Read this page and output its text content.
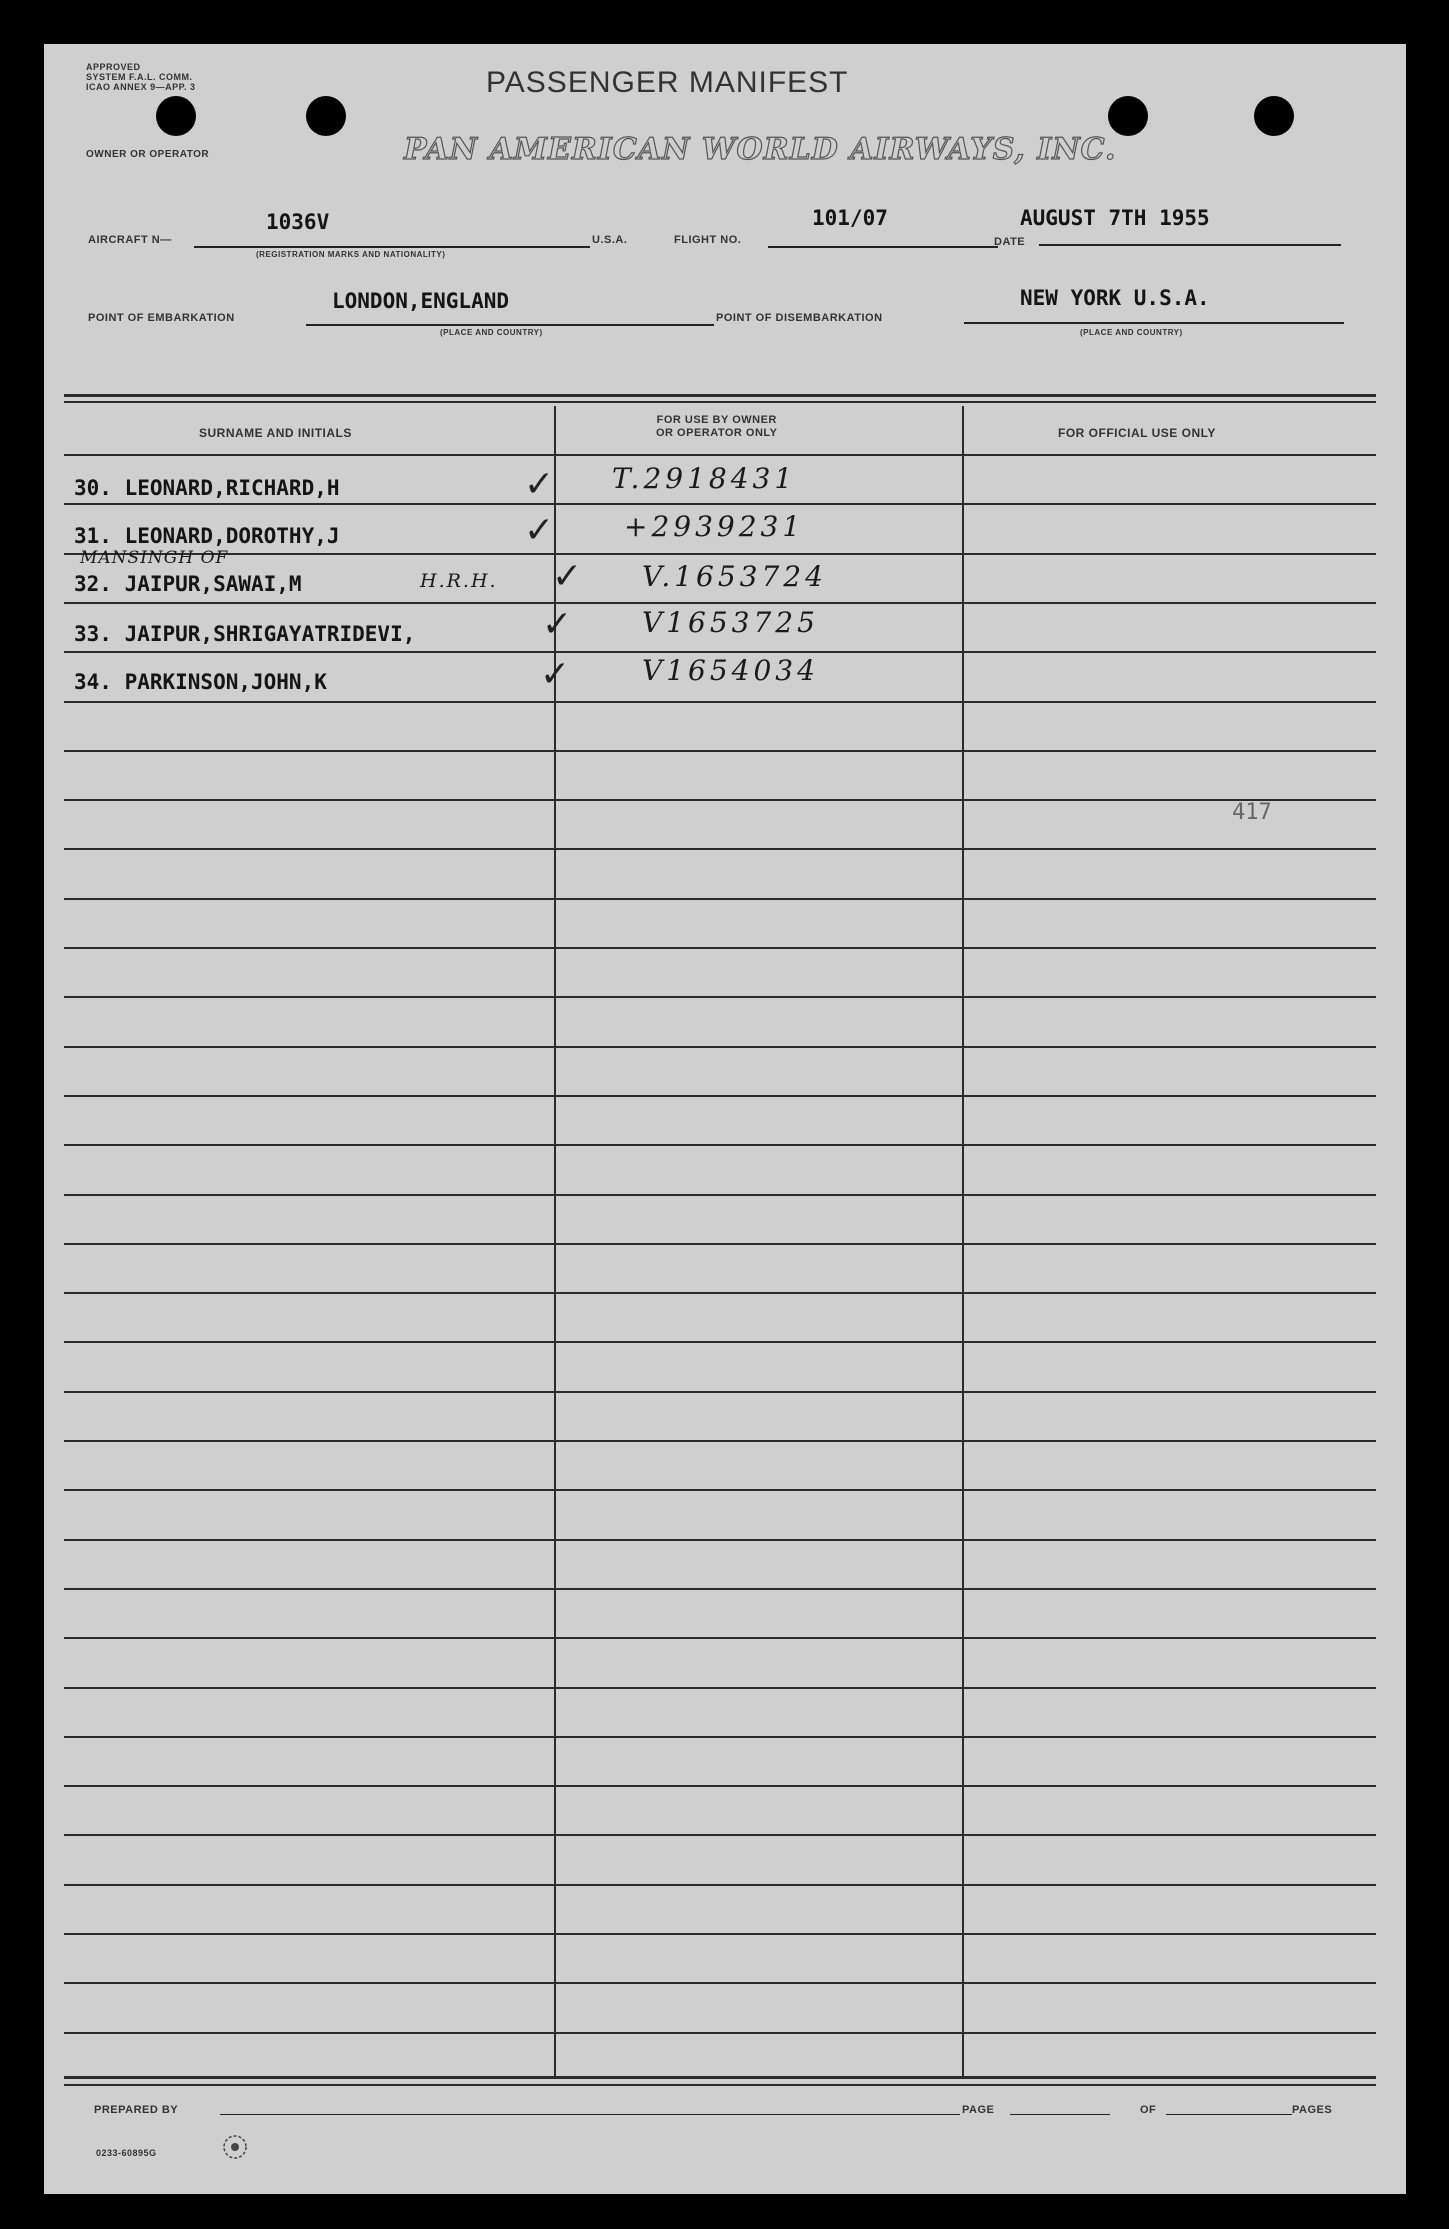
APPROVED
SYSTEM F.A.L. COMM.
ICAO ANNEX 9—APP. 3	PASSENGER MANIFEST
OWNER OR OPERATOR	PAN AMERICAN WORLD AIRWAYS, INC.
AIRCRAFT N—
1036V
(REGISTRATION MARKS AND NATIONALITY)
U.S.A.	FLIGHT NO.
101/07
DATE
AUGUST 7TH 1955
POINT OF EMBARKATION
LONDON,ENGLAND
(PLACE AND COUNTRY)
POINT OF DISEMBARKATION
NEW YORK U.S.A.
(PLACE AND COUNTRY)
SURNAME AND INITIALS
FOR USE BY OWNER
OR OPERATOR ONLY	FOR OFFICIAL USE ONLY
30. LEONARD,RICHARD,H	✓ T.2918431
31. LEONARD,DOROTHY,J	✓ +2939231
MANSINGH OF
32. JAIPUR,SAWAI,M	H.R.H. ✓ V.1653724
33. JAIPUR,SHRIGAYATRIDEVI,	✓ V1653725
34. PARKINSON,JOHN,K	✓	V1654034
417
PREPARED BY	PAGE	OF	PAGES
0233-60895G
